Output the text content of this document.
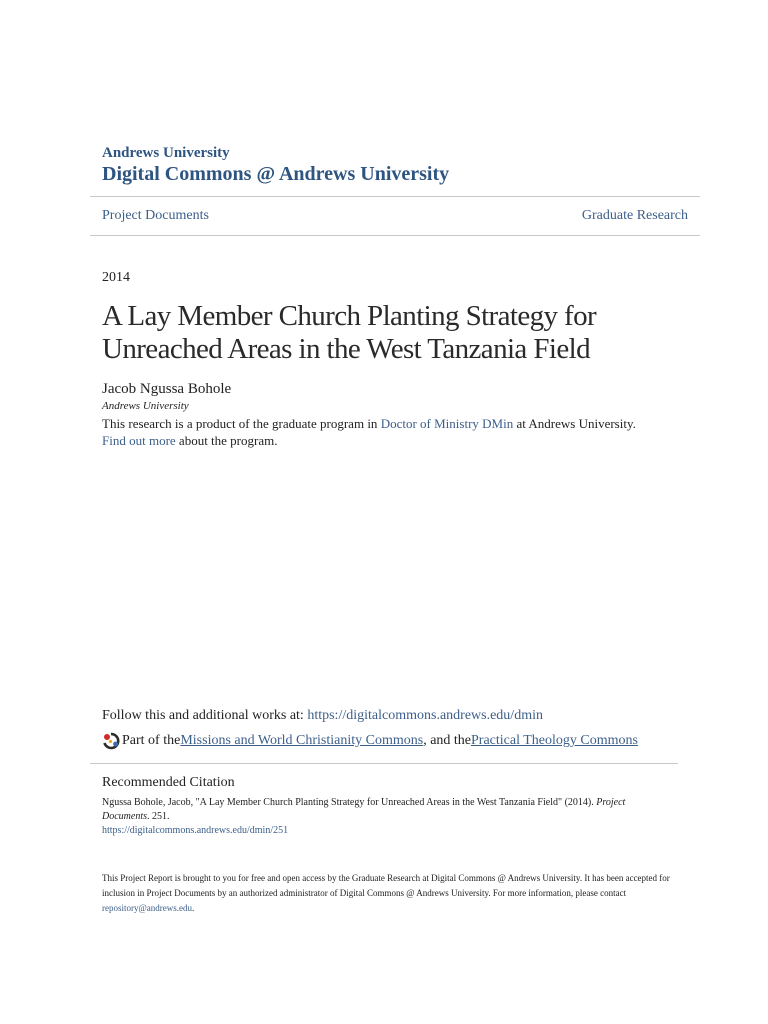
Andrews University
Digital Commons @ Andrews University
Project Documents	Graduate Research
2014
A Lay Member Church Planting Strategy for Unreached Areas in the West Tanzania Field
Jacob Ngussa Bohole
Andrews University
This research is a product of the graduate program in Doctor of Ministry DMin at Andrews University. Find out more about the program.
Follow this and additional works at: https://digitalcommons.andrews.edu/dmin
Part of the Missions and World Christianity Commons , and the Practical Theology Commons
Recommended Citation
Ngussa Bohole, Jacob, "A Lay Member Church Planting Strategy for Unreached Areas in the West Tanzania Field" (2014). Project Documents. 251.
https://digitalcommons.andrews.edu/dmin/251
This Project Report is brought to you for free and open access by the Graduate Research at Digital Commons @ Andrews University. It has been accepted for inclusion in Project Documents by an authorized administrator of Digital Commons @ Andrews University. For more information, please contact repository@andrews.edu.
